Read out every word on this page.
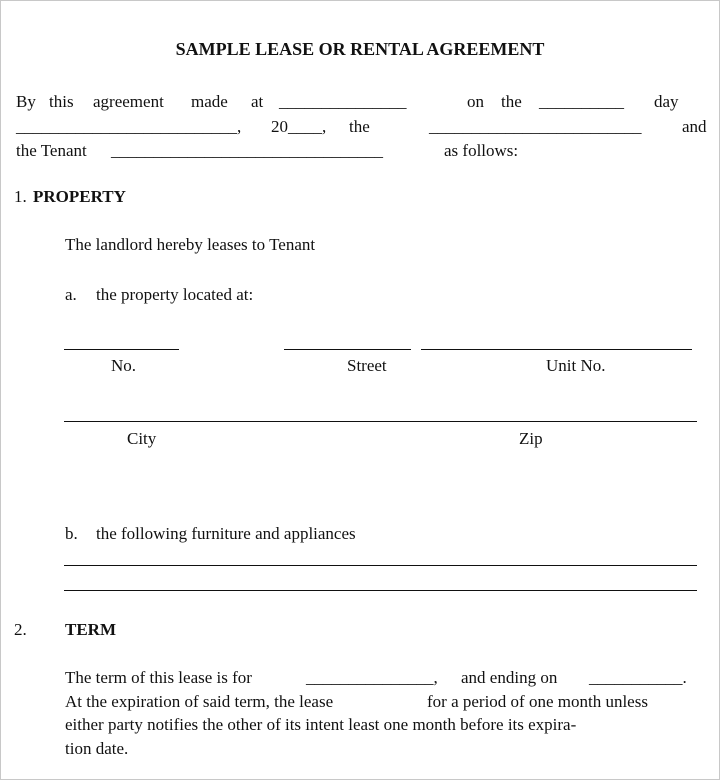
SAMPLE LEASE OR RENTAL AGREEMENT
By this agreement made at _______________	on the __________ day
__________________________, 20____, the	_________________________ and
the Tenant ________________________________	as follows:
1. PROPERTY
The landlord hereby leases to Tenant
a. the property located at:
No.	Street	Unit No.
City	Zip
b. the following furniture and appliances
2. TERM
The term of this lease is for	_______________, and ending on ___________.
At the expiration of said term, the lease	for a period of one month unless
either party notifies the other of its intent least one month before its expira-
tion date.
